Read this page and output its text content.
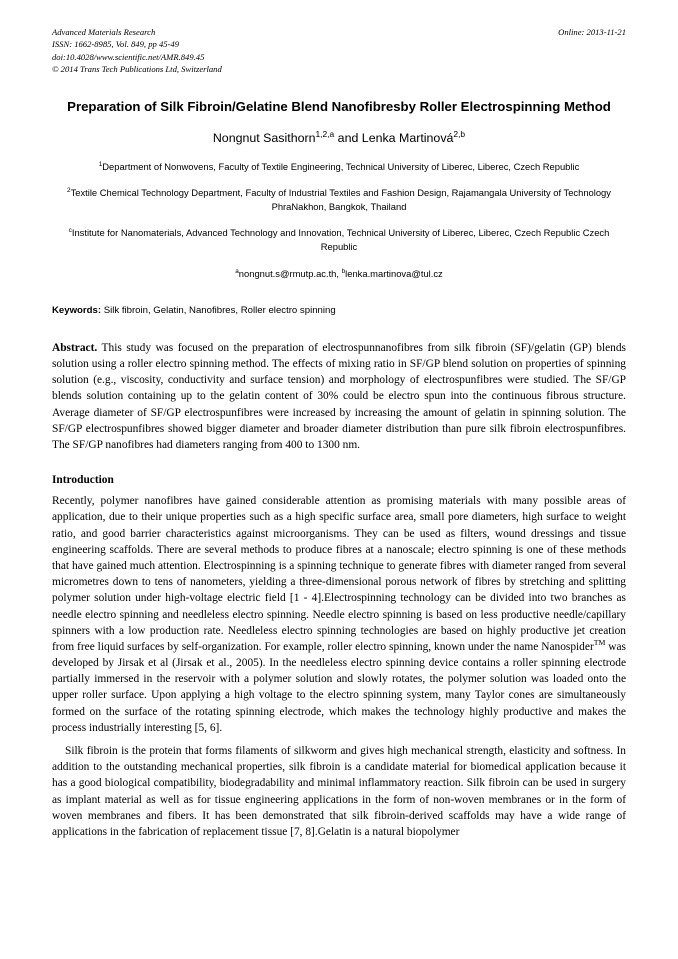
Advanced Materials Research
ISSN: 1662-8985, Vol. 849, pp 45-49
doi:10.4028/www.scientific.net/AMR.849.45
© 2014 Trans Tech Publications Ltd, Switzerland
Online: 2013-11-21
Preparation of Silk Fibroin/Gelatine Blend Nanofibresby Roller Electrospinning Method
Nongnut Sasithorn$^{1,2,a}$ and Lenka Martinová$^{2,b}$
$^1$Department of Nonwovens, Faculty of Textile Engineering, Technical University of Liberec, Liberec, Czech Republic
$^2$Textile Chemical Technology Department, Faculty of Industrial Textiles and Fashion Design, Rajamangala University of Technology PhraNakhon, Bangkok, Thailand
$^c$Institute for Nanomaterials, Advanced Technology and Innovation, Technical University of Liberec, Liberec, Czech Republic Czech Republic
$^a$nongnut.s@rmutp.ac.th, $^b$lenka.martinova@tul.cz
Keywords: Silk fibroin, Gelatin, Nanofibres, Roller electro spinning
Abstract. This study was focused on the preparation of electrospunnanofibres from silk fibroin (SF)/gelatin (GP) blends solution using a roller electro spinning method. The effects of mixing ratio in SF/GP blend solution on properties of spinning solution (e.g., viscosity, conductivity and surface tension) and morphology of electrospunfibres were studied. The SF/GP blends solution containing up to the gelatin content of 30% could be electro spun into the continuous fibrous structure. Average diameter of SF/GP electrospunfibres were increased by increasing the amount of gelatin in spinning solution. The SF/GP electrospunfibres showed bigger diameter and broader diameter distribution than pure silk fibroin electrospunfibres. The SF/GP nanofibres had diameters ranging from 400 to 1300 nm.
Introduction

Recently, polymer nanofibres have gained considerable attention as promising materials with many possible areas of application, due to their unique properties such as a high specific surface area, small pore diameters, high surface to weight ratio, and good barrier characteristics against microorganisms. They can be used as filters, wound dressings and tissue engineering scaffolds. There are several methods to produce fibres at a nanoscale; electro spinning is one of these methods that have gained much attention. Electrospinning is a spinning technique to generate fibres with diameter ranged from several micrometres down to tens of nanometers, yielding a three-dimensional porous network of fibres by stretching and splitting polymer solution under high-voltage electric field [1 - 4].Electrospinning technology can be divided into two branches as needle electro spinning and needleless electro spinning. Needle electro spinning is based on less productive needle/capillary spinners with a low production rate. Needleless electro spinning technologies are based on highly productive jet creation from free liquid surfaces by self-organization. For example, roller electro spinning, known under the name Nanospider™ was developed by Jirsak et al (Jirsak et al., 2005). In the needleless electro spinning device contains a roller spinning electrode partially immersed in the reservoir with a polymer solution and slowly rotates, the polymer solution was loaded onto the upper roller surface. Upon applying a high voltage to the electro spinning system, many Taylor cones are simultaneously formed on the surface of the rotating spinning electrode, which makes the technology highly productive and makes the process industrially interesting [5, 6].

Silk fibroin is the protein that forms filaments of silkworm and gives high mechanical strength, elasticity and softness. In addition to the outstanding mechanical properties, silk fibroin is a candidate material for biomedical application because it has a good biological compatibility, biodegradability and minimal inflammatory reaction. Silk fibroin can be used in surgery as implant material as well as for tissue engineering applications in the form of non-woven membranes or in the form of woven membranes and fibers. It has been demonstrated that silk fibroin-derived scaffolds may have a wide range of applications in the fabrication of replacement tissue [7, 8].Gelatin is a natural biopolymer
